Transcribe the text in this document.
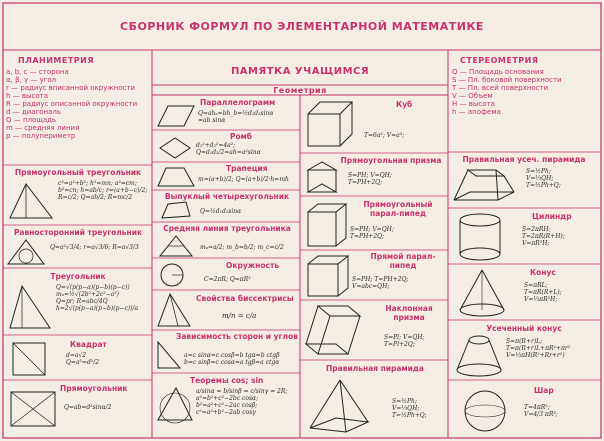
СБОРНИК ФОРМУЛ ПО ЭЛЕМЕНТАРНОЙ МАТЕМАТИКЕ
ПЛАНИМЕТРИЯ
ПАМЯТКА УЧАЩИМСЯ
Геометрия
СТЕРЕОМЕТРИЯ
a, b, c — сторона
α, β, γ — угол
r — радиус вписанной окружности
h — высота
R — радиус описанной окружности
d — диагональ
Q — площадь
m — средняя линия
p — полупериметр
Q — Площадь основания
S — Пл. боковой поверхности
T — Пл. всей поверхности
V — Объем
H — высота
h — апофема
Прямоугольный треугольник
c²=a²+b²; h²=mn; a²=cm;
b²=cn; h=ab/c; r=(a+b−c)/2;
R=c/2; Q=ab/2; R=mc/2
Равносторонний треугольник
Q=a²√3/4; r=a√3/6; R=a√3/3
Треугольник
Q=√(p(p−a)(p−b)(p−c))
mₐ=½√(2b²+2c²−a²)
Q=pr; R=abc/4Q
h=2√(p(p−a)(p−b)(p−c))/a
Квадрат
d=a√2
Q=a²=d²/2
Прямоугольник
Q=ab=d²sinα/2
Параллелограмм
Q=ahₐ=bh_b=½d₁d₂sinα
=ab sinα
Ромб
d₁²+d₂²=4a²;
Q=d₁d₂/2=ah=a²sinα
Трапеция
m=(a+b)/2; Q=(a+b)/2·h=mh
Выпуклый четырехугольник
Q=½d₁d₂sinα
Средняя линия треугольника
mₐ=a/2; m_b=b/2; m_c=c/2
Окружность
C=2πR; Q=πR²
Свойства биссектрисы
m/n = c/a
Зависимость сторон и углов
a=c sinα=c cosβ=b tgα=b ctgβ
b=c sinβ=c cosα=a tgβ=a ctgα
Теоремы cos; sin
a/sinα = b/sinβ = c/sinγ = 2R;
a²=b²+c²−2bc cosα;
b²=a²+c²−2ac cosβ;
c²=a²+b²−2ab cosγ
Куб
T=6a²; V=a³;
Прямоугольная призма
S=PH; V=QH;
T=PH+2Q;
Прямоугольный парал-пипед
S=PH; V=QH;
T=PH+2Q;
Прямой парал-пипед
S=PH; T=PH+2Q;
V=abc=QH;
Наклонная призма
S=Pl; V=QH;
T=Pl+2Q;
Правильная пирамида
S=½Ph;
V=⅓QH;
T=½Ph+Q;
Правильная усеч. пирамида
S=½Ph;
V=⅓QH;
T=½Ph+Q;
Цилиндр
S=2πRH;
T=2πR(R+H);
V=πR²H;
Конус
S=πRL;
T=πR(R+L);
V=⅓πR²H;
Усеченный конус
S=π(R+r)L;
T=π(R+r)L+πR²+πr²
V=⅓πH(R²+Rr+r²)
Шар
T=4πR²;
V=4/3 πR³;
